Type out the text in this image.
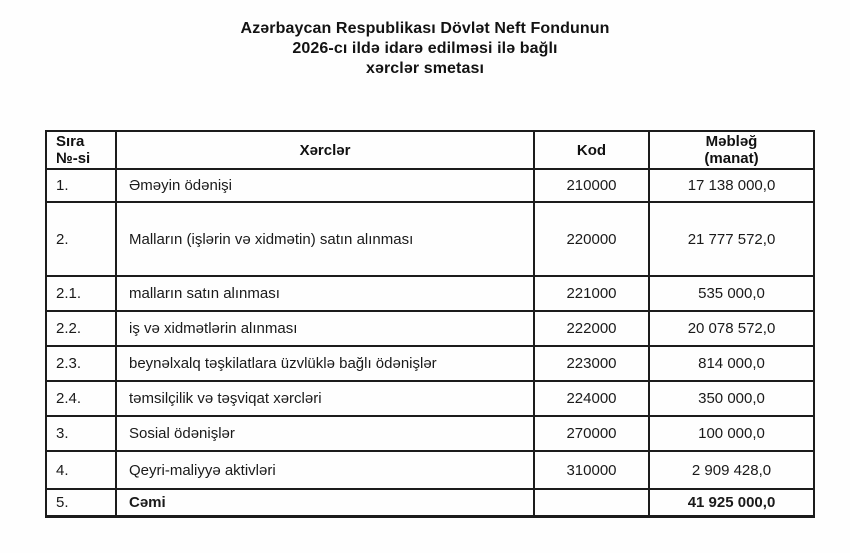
Azərbaycan Respublikası Dövlət Neft Fondunun
2026-cı ildə idarə edilməsi ilə bağlı
xərclər smetası
Sıra
№-si	Xərclər	Kod	Məbləğ
(manat)
1.	Əməyin ödənişi	210000	17 138 000,0
2.	Malların (işlərin və xidmətin) satın alınması	220000	21 777 572,0
2.1.	malların satın alınması	221000	535 000,0
2.2.	iş və xidmətlərin alınması	222000	20 078 572,0
2.3.	beynəlxalq təşkilatlara üzvlüklə bağlı ödənişlər	223000	814 000,0
2.4.	təmsilçilik və təşviqat xərcləri	224000	350 000,0
3.	Sosial ödənişlər	270000	100 000,0
4.	Qeyri-maliyyə aktivləri	310000	2 909 428,0
5.	Cəmi		41 925 000,0
